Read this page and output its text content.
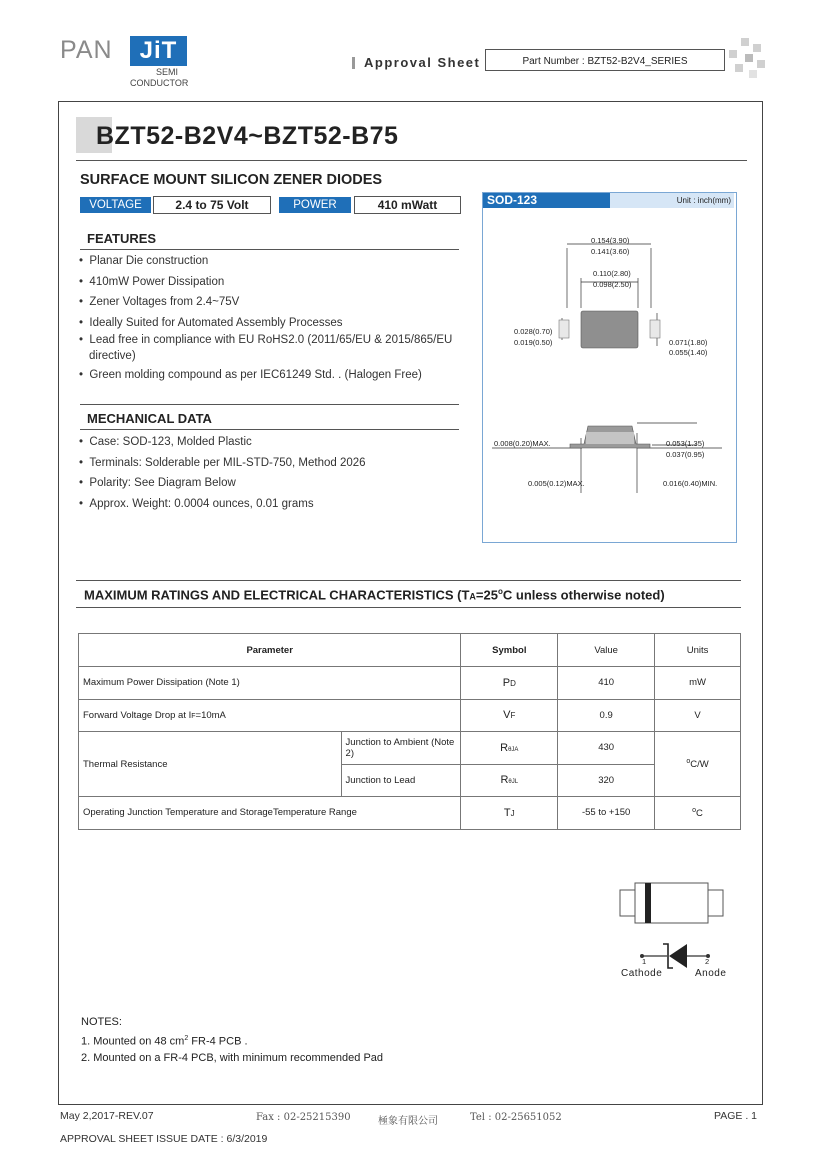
PAN	JiT
SEMI
CONDUCTOR
Approval Sheet	Part Number : BZT52-B2V4_SERIES
BZT52-B2V4~BZT52-B75
SURFACE MOUNT SILICON ZENER DIODES
VOLTAGE	2.4 to 75 Volt	POWER	410 mWatt
FEATURES
•  Planar Die construction
•  410mW Power Dissipation
•  Zener Voltages from 2.4~75V
•  Ideally Suited for Automated Assembly Processes
•  Lead free in compliance with EU RoHS2.0 (2011/65/EU & 2015/865/EU
directive)
•  Green molding compound as per IEC61249 Std. . (Halogen Free)
MECHANICAL DATA
•  Case: SOD-123, Molded Plastic
•  Terminals: Solderable per MIL-STD-750, Method 2026
•  Polarity: See Diagram Below
•  Approx. Weight: 0.0004 ounces, 0.01 grams
SOD-123	Unit : inch(mm)
0.154(3.90)
0.141(3.60)
0.110(2.80)
0.098(2.50)
0.028(0.70)
0.019(0.50)	0.071(1.80)
0.055(1.40)
0.008(0.20)MAX.	0.053(1.35)
0.037(0.95)
0.005(0.12)MAX.	0.016(0.40)MIN.
MAXIMUM RATINGS AND ELECTRICAL CHARACTERISTICS ($TA=25^oC$ unless otherwise noted)
Parameter		Symbol	Value	Units
Maximum Power Dissipation (Note 1)		PD	410	mW
Forward Voltage Drop at IF=10mA		VF	0.9	V
Thermal Resistance	Junction to Ambient (Note 2)	RθJA	430	$^o$C/W
	Junction to Lead	RθJL	320	
Operating Junction Temperature and StorageTemperature Range		TJ	-55 to +150	$^o$C
1	2
Cathode	Anode
NOTES:
1. Mounted on 48 $cm^2$ FR-4 PCB .
2. Mounted on a FR-4 PCB, with minimum recommended Pad
May 2,2017-REV.07	Fax : 02-25215390	極象有限公司	Tel : 02-25651052	PAGE . 1
APPROVAL SHEET ISSUE DATE : 6/3/2019
